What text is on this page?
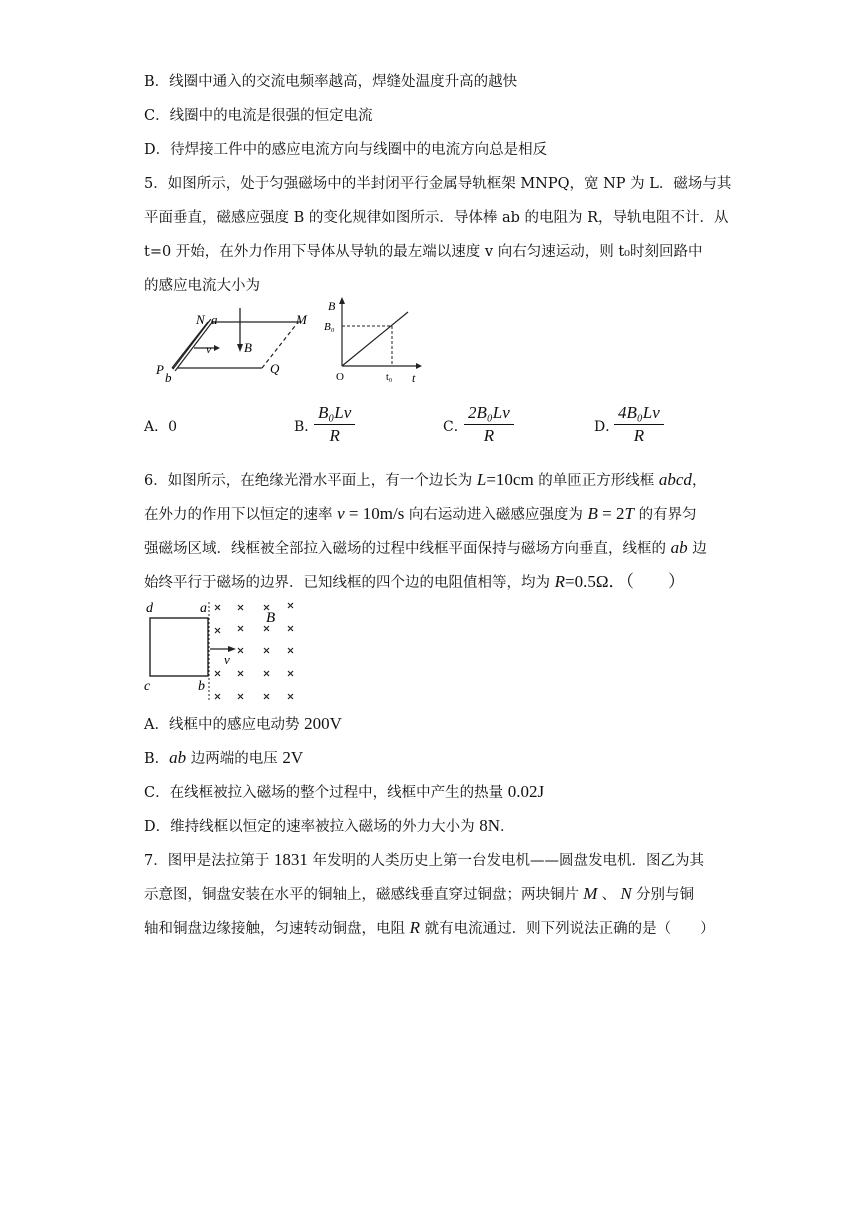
B．线圈中通入的交流电频率越高，焊缝处温度升高的越快
C．线圈中的电流是很强的恒定电流
D．待焊接工件中的感应电流方向与线圈中的电流方向总是相反
5．如图所示，处于匀强磁场中的半封闭平行金属导轨框架 MNPQ，宽 NP 为 L．磁场与其
平面垂直，磁感应强度 B 的变化规律如图所示．导体棒 ab 的电阻为 R，导轨电阻不计．从
t=0 开始，在外力作用下导体从导轨的最左端以速度 v 向右匀速运动，则 t₀时刻回路中
的感应电流大小为
N a	M
v	B
P
b
Q
B
B₀
O	t₀ t
A．0	B．
$\frac{\text{B₀Lv}}{R}$	C．
$\frac{\text{2B₀Lv}}{R}$	D．
$\frac{\text{4B₀Lv}}{R}$
6．如图所示，在绝缘光滑水平面上，有一个边长为 L=10cm 的单匝正方形线框 abcd，
在外力的作用下以恒定的速率 v = 10m/s 向右运动进入磁感应强度为 B = 2T 的有界匀
强磁场区域．线框被全部拉入磁场的过程中线框平面保持与磁场方向垂直，线框的 ab 边
始终平行于磁场的边界．已知线框的四个边的电阻值相等，均为 R=0.5Ω．（　　）
d	a
B
v
c	b
A．线框中的感应电动势 200V
B．ab 边两端的电压 2V
C．在线框被拉入磁场的整个过程中，线框中产生的热量 0.02J
D．维持线框以恒定的速率被拉入磁场的外力大小为 8N．
7．图甲是法拉第于 1831 年发明的人类历史上第一台发电机——圆盘发电机．图乙为其
示意图，铜盘安装在水平的铜轴上，磁感线垂直穿过铜盘；两块铜片 M 、 N 分别与铜
轴和铜盘边缘接触，匀速转动铜盘，电阻 R 就有电流通过．则下列说法正确的是（　　）
